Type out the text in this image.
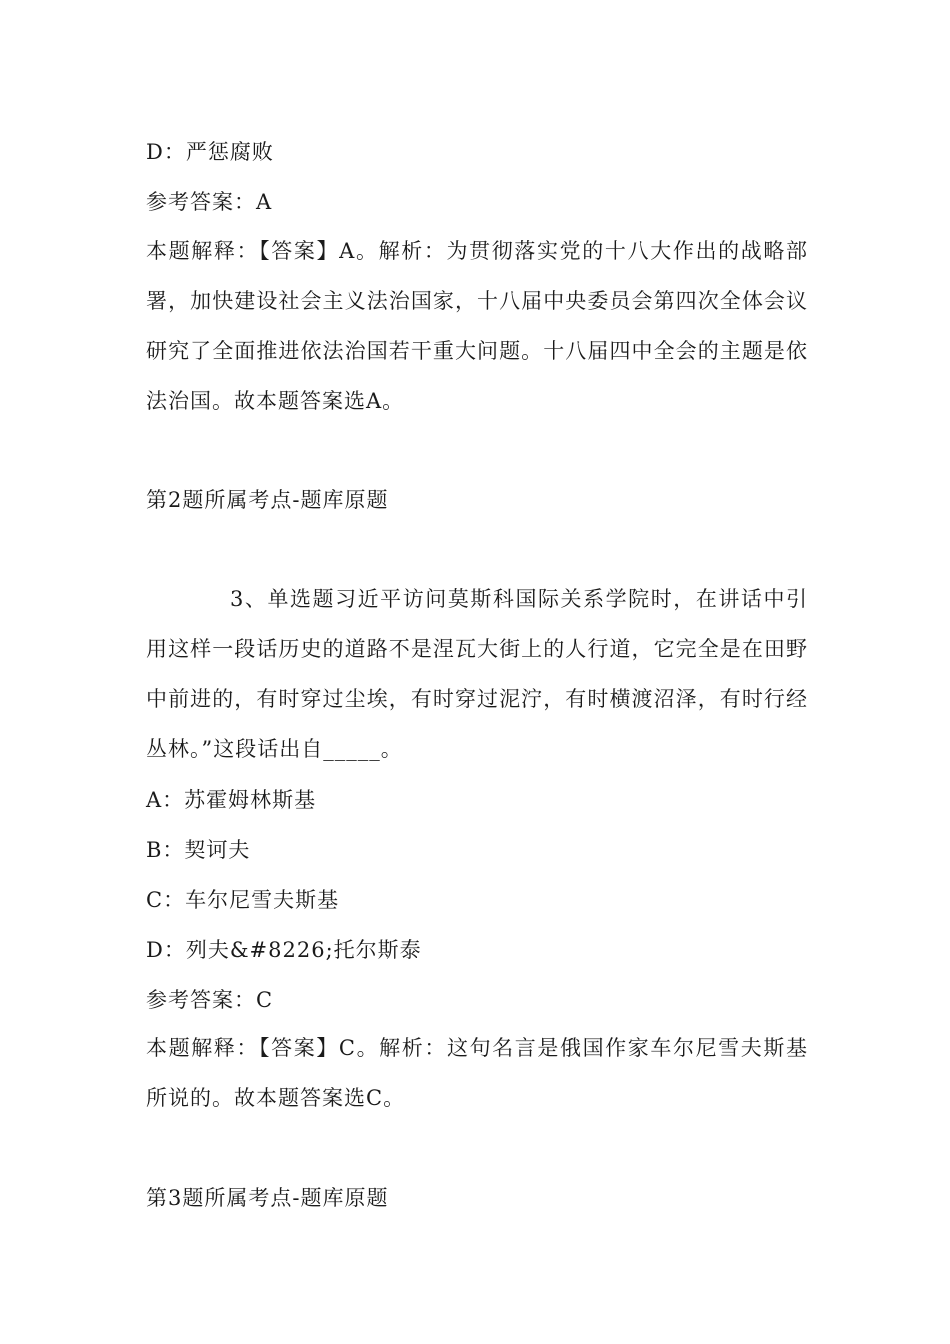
D：严惩腐败
参考答案：A
本题解释：【答案】A。解析：为贯彻落实党的十八大作出的战略部署，加快建设社会主义法治国家，十八届中央委员会第四次全体会议研究了全面推进依法治国若干重大问题。十八届四中全会的主题是依法治国。故本题答案选A。
第2题所属考点-题库原题
3、单选题习近平访问莫斯科国际关系学院时，在讲话中引用这样一段话历史的道路不是涅瓦大街上的人行道，它完全是在田野中前进的，有时穿过尘埃，有时穿过泥泞，有时横渡沼泽，有时行经丛林。”这段话出自_____。
A：苏霍姆林斯基
B：契诃夫
C：车尔尼雪夫斯基
D：列夫&#8226;托尔斯泰
参考答案：C
本题解释：【答案】C。解析：这句名言是俄国作家车尔尼雪夫斯基所说的。故本题答案选C。
第3题所属考点-题库原题
